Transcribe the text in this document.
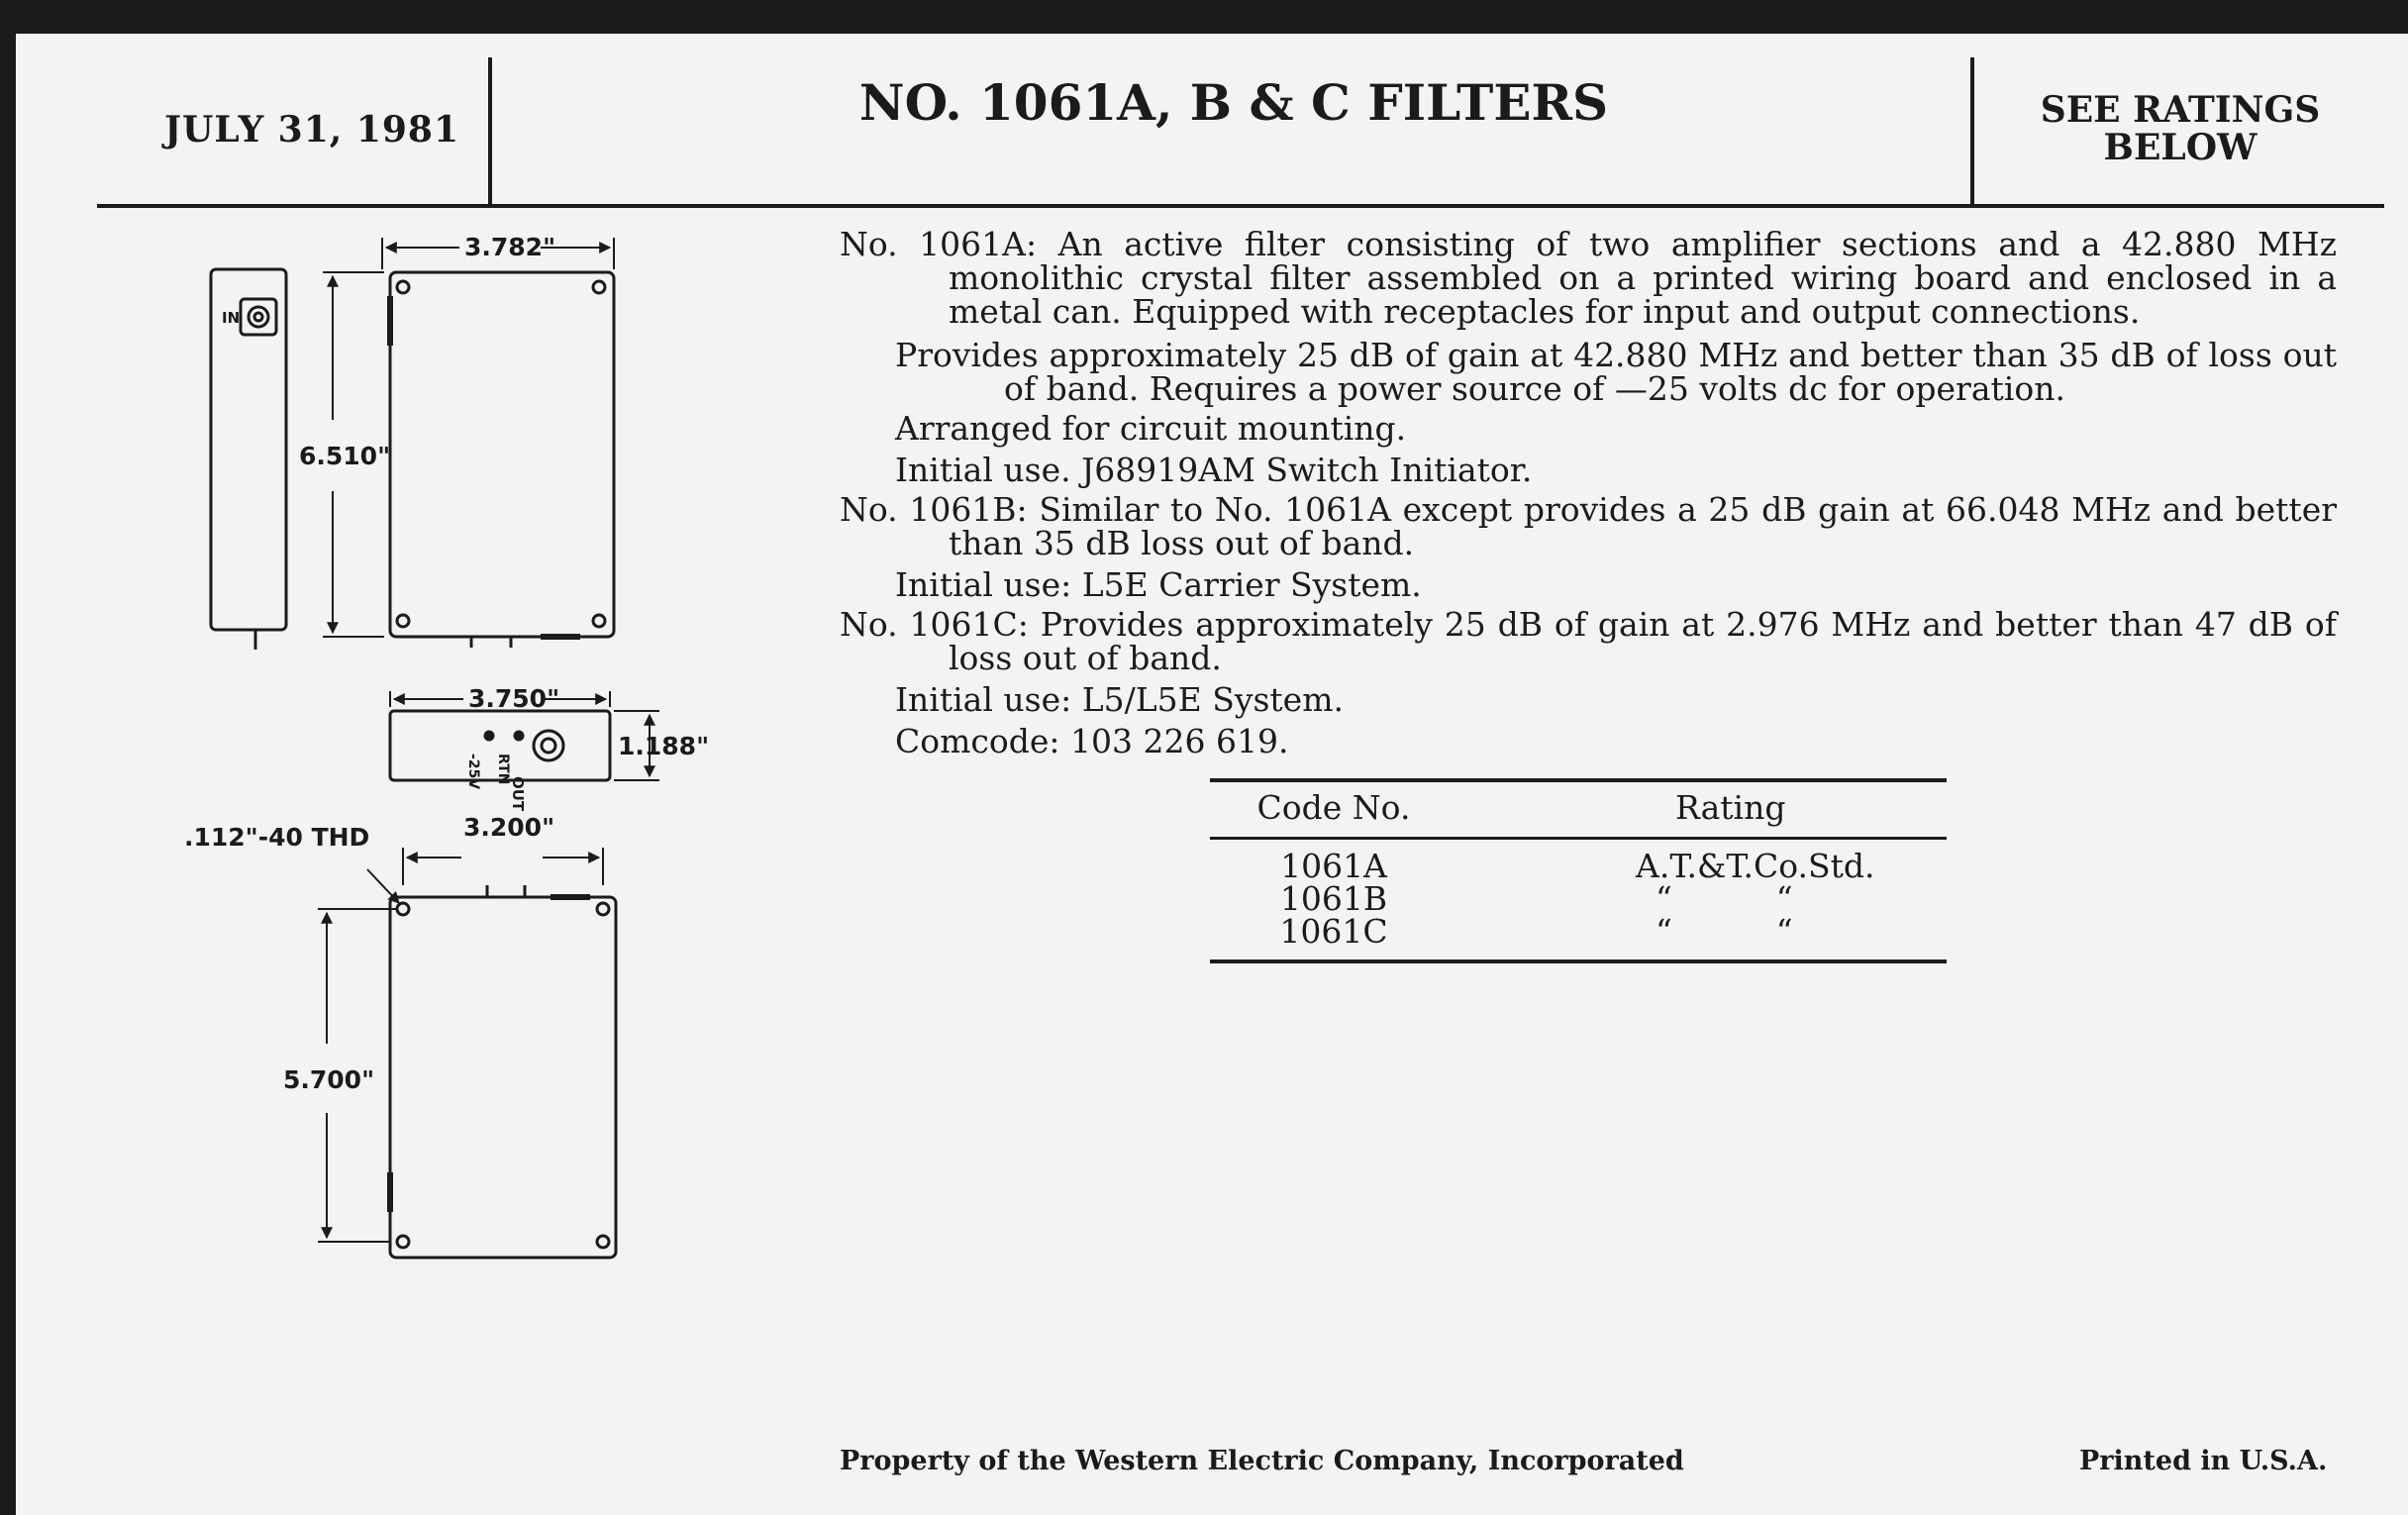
JULY 31, 1981	NO. 1061A, B & C FILTERS	SEE RATINGS
BELOW
IN
3.782"
6.510"
3.750"
1.188"
OUT
RTN
-25V
.112"-40 THD	3.200"
5.700"

No. 1061A: An active filter consisting of two amplifier sections and a 42.880 MHz monolithic crystal filter assembled on a printed wiring board and enclosed in a metal can. Equipped with receptacles for input and output connections.

Provides approximately 25 dB of gain at 42.880 MHz and better than 35 dB of loss out of band. Requires a power source of —25 volts dc for operation.

Arranged for circuit mounting.

Initial use. J68919AM Switch Initiator.

No. 1061B: Similar to No. 1061A except provides a 25 dB gain at 66.048 MHz and better than 35 dB loss out of band.

Initial use: L5E Carrier System.

No. 1061C: Provides approximately 25 dB of gain at 2.976 MHz and better than 47 dB of loss out of band.

Initial use: L5/L5E System.

Comcode: 103 226 619.

Code No.	Rating
1061A	A.T.&T.Co.Std.
1061B	“          “
1061C	“          “
Property of the Western Electric Company, Incorporated	Printed in U.S.A.
